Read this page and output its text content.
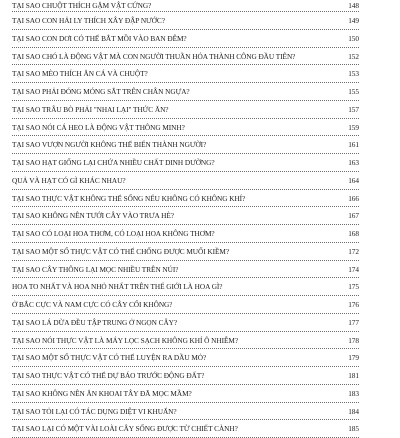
TẠI SAO CHUỘT THÍCH GẶM VẬT CỨNG?	148
TẠI SAO CON HẢI LY THÍCH XÂY ĐẬP NƯỚC?	149
TẠI SAO CON DƠI CÓ THỂ BẮT MỒI VÀO BAN ĐÊM?	150
TẠI SAO CHÓ LÀ ĐỘNG VẬT MÀ CON NGƯỜI THUẦN HÓA THÀNH CÔNG ĐẦU TIÊN?	152
TẠI SAO MÈO THÍCH ĂN CÁ VÀ CHUỘT?	153
TẠI SAO PHẢI ĐÓNG MÓNG SẮT TRÊN CHÂN NGỰA?	155
TẠI SAO TRÂU BÒ PHẢI "NHAI LẠI" THỨC ĂN?	157
TẠI SAO NÓI CÁ HEO LÀ ĐỘNG VẬT THÔNG MINH?	159
TẠI SAO VƯỢN NGƯỜI KHÔNG THỂ BIẾN THÀNH NGƯỜI?	161
TẠI SAO HẠT GIỐNG LẠI CHỨA NHIỀU CHẤT DINH DƯỠNG?	163
QUẢ VÀ HẠT CÓ GÌ KHÁC NHAU?	164
TẠI SAO THỰC VẬT KHÔNG THỂ SỐNG NẾU KHÔNG CÓ KHÔNG KHÍ?	166
TẠI SAO KHÔNG NÊN TƯỚI CÂY VÀO TRƯA HÈ?	167
TẠI SAO CÓ LOẠI HOA THƠM, CÓ LOẠI HOA KHÔNG THƠM?	168
TẠI SAO MỘT SỐ THỰC VẬT CÓ THỂ CHỐNG ĐƯỢC MUỐI KIỀM?	172
TẠI SAO CÂY THÔNG LẠI MỌC NHIỀU TRÊN NÚI?	174
HOA TO NHẤT VÀ HOA NHỎ NHẤT TRÊN THẾ GIỚI LÀ HOA GÌ?	175
Ở BẮC CỰC VÀ NAM CỰC CÓ CÂY CỐI KHÔNG?	176
TẠI SAO LÁ DỪA ĐỀU TẬP TRUNG Ở NGỌN CÂY?	177
TẠI SAO NÓI THỰC VẬT LÀ MÁY LỌC SẠCH KHÔNG KHÍ Ô NHIỄM?	178
TẠI SAO MỘT SỐ THỰC VẬT CÓ THỂ LUYỆN RA DẦU MỎ?	179
TẠI SAO THỰC VẬT CÓ THỂ DỰ BÁO TRƯỚC ĐỘNG ĐẤT?	181
TẠI SAO KHÔNG NÊN ĂN KHOAI TÂY ĐÃ MỌC MẦM?	183
TẠI SAO TỎI LẠI CÓ TÁC DỤNG DIỆT VI KHUẨN?	184
TẠI SAO LẠI CÓ MỘT VÀI LOÀI CÂY SỐNG ĐƯỢC TỪ CHIẾT CÀNH?	185
